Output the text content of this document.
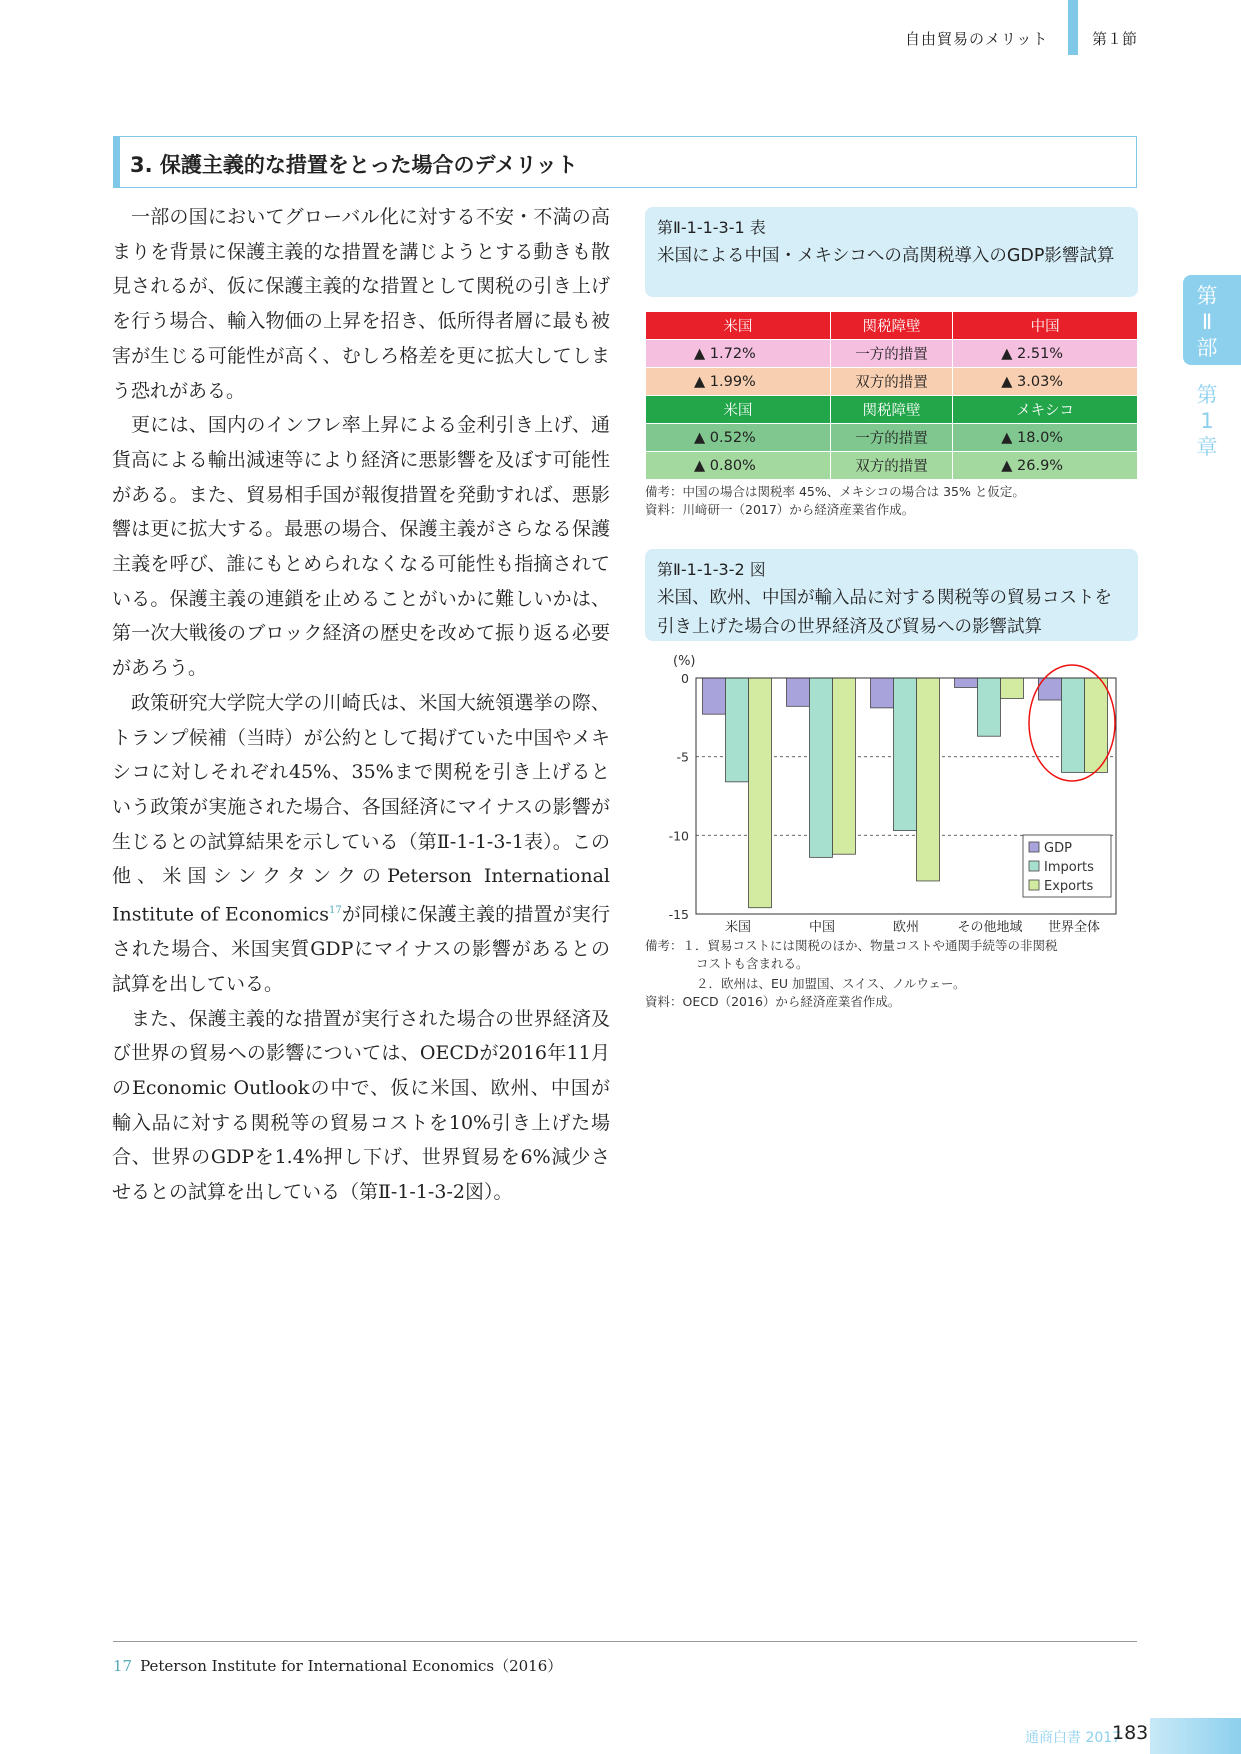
自由貿易のメリット	第１節
第
Ⅱ
部
第
1
章
3. 保護主義的な措置をとった場合のデメリット

一部の国においてグローバル化に対する不安・不満の高まりを背景に保護主義的な措置を講じようとする動きも散見されるが、仮に保護主義的な措置として関税の引き上げを行う場合、輸入物価の上昇を招き、低所得者層に最も被害が生じる可能性が高く、むしろ格差を更に拡大してしまう恐れがある。

更には、国内のインフレ率上昇による金利引き上げ、通貨高による輸出減速等により経済に悪影響を及ぼす可能性がある。また、貿易相手国が報復措置を発動すれば、悪影響は更に拡大する。最悪の場合、保護主義がさらなる保護主義を呼び、誰にもとめられなくなる可能性も指摘されている。保護主義の連鎖を止めることがいかに難しいかは、第一次大戦後のブロック経済の歴史を改めて振り返る必要があろう。

政策研究大学院大学の川崎氏は、米国大統領選挙の際、トランプ候補（当時）が公約として掲げていた中国やメキシコに対しそれぞれ45%、35%まで関税を引き上げるという政策が実施された場合、各国経済にマイナスの影響が生じるとの試算結果を示している（第Ⅱ-1-1-3-1表）。この他、米国シンクタンクのPeterson International Institute of Economics$^{17}$が同様に保護主義的措置が実行された場合、米国実質GDPにマイナスの影響があるとの試算を出している。

また、保護主義的な措置が実行された場合の世界経済及び世界の貿易への影響については、OECDが2016年11月のEconomic Outlookの中で、仮に米国、欧州、中国が輸入品に対する関税等の貿易コストを10%引き上げた場合、世界のGDPを1.4%押し下げ、世界貿易を6%減少させるとの試算を出している（第Ⅱ-1-1-3-2図）。

第Ⅱ-1-1-3-1 表
米国による中国・メキシコへの高関税導入のGDP影響試算
米国	関税障壁	中国
▲ 1.72%	一方的措置	▲ 2.51%
▲ 1.99%	双方的措置	▲ 3.03%
米国	関税障壁	メキシコ
▲ 0.52%	一方的措置	▲ 18.0%
▲ 0.80%	双方的措置	▲ 26.9%
備考：中国の場合は関税率 45%、メキシコの場合は 35% と仮定。
資料：川﨑研一（2017）から経済産業省作成。
第Ⅱ-1-1-3-2 図
米国、欧州、中国が輸入品に対する関税等の貿易コストを引き上げた場合の世界経済及び貿易への影響試算
(%)
0
-5
-10
-15
米国	中国	欧州	その他地域 世界全体
GDP
Imports
Exports
備考：１．貿易コストには関税のほか、物量コストや通関手続等の非関税
コストも含まれる。
２．欧州は、EU 加盟国、スイス、ノルウェー。
資料：OECD（2016）から経済産業省作成。
17 Peterson Institute for International Economics（2016）
通商白書 2017
183
